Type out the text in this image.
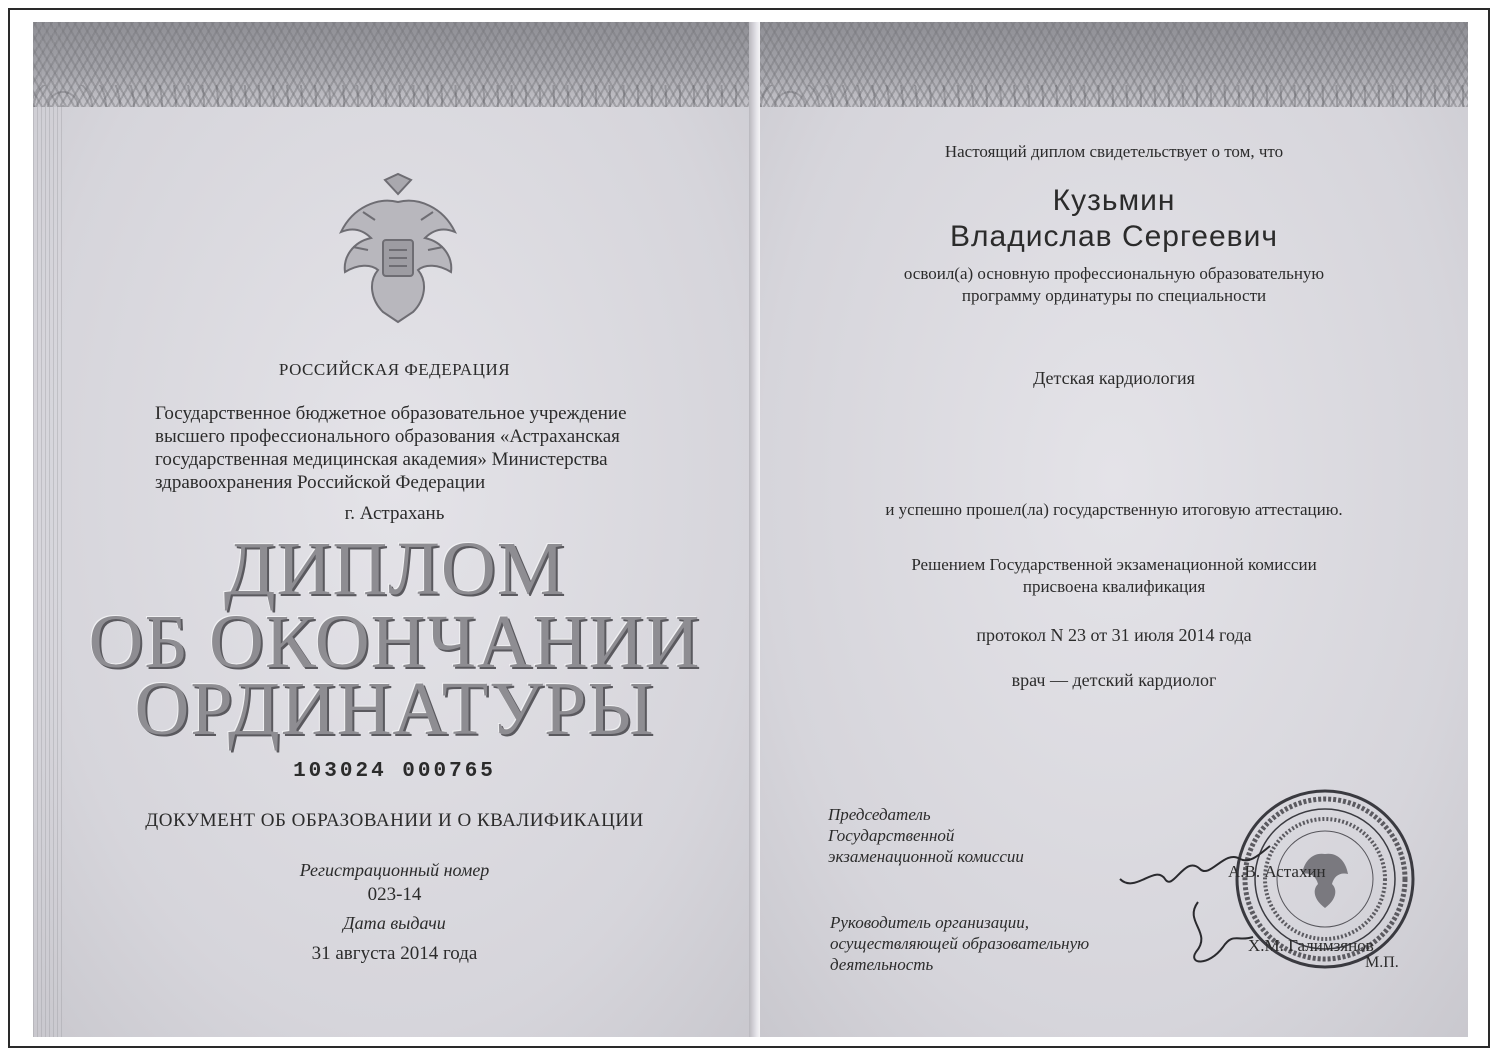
РОССИЙСКАЯ ФЕДЕРАЦИЯ
Государственное бюджетное образовательное учреждение
высшего профессионального образования «Астраханская
государственная медицинская академия» Министерства
здравоохранения Российской Федерации
г. Астрахань
ДИПЛОМ
ОБ ОКОНЧАНИИ
ОРДИНАТУРЫ
103024 000765
ДОКУМЕНТ ОБ ОБРАЗОВАНИИ И О КВАЛИФИКАЦИИ
Регистрационный номер
023-14
Дата выдачи
31 августа 2014 года
Настоящий диплом свидетельствует о том, что
Кузьмин
Владислав Сергеевич
освоил(а) основную профессиональную образовательную
программу ординатуры по специальности
Детская кардиология
и успешно прошел(ла) государственную итоговую аттестацию.
Решением Государственной экзаменационной комиссии
присвоена квалификация
протокол N 23 от 31 июля 2014 года
врач — детский кардиолог
Председатель
Государственной
экзаменационной комиссии
Руководитель организации,
осуществляющей образовательную
деятельность
А.В. Астахин
Х.М. Галимзянов
М.П.
